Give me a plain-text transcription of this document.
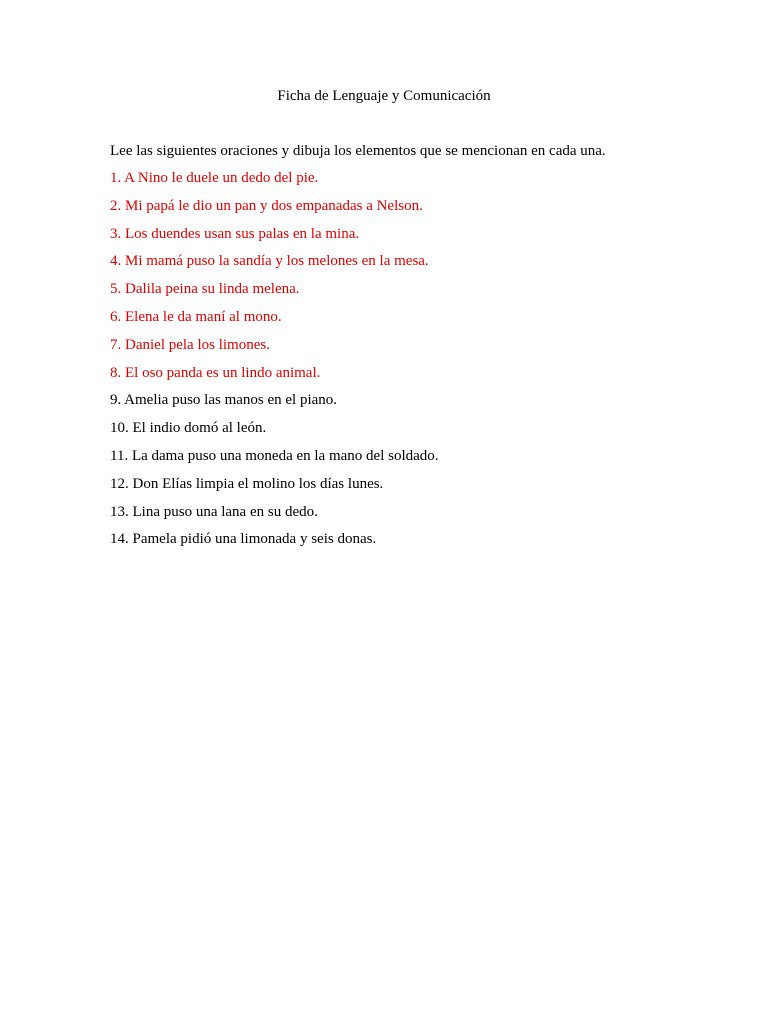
Ficha de Lenguaje y Comunicación
Lee las siguientes oraciones y dibuja los elementos que se mencionan en cada una.
1. A Nino le duele un dedo del pie.
2. Mi papá le dio un pan y dos empanadas a Nelson.
3. Los duendes usan sus palas en la mina.
4. Mi mamá puso la sandía y los melones en la mesa.
5. Dalila peina su linda melena.
6. Elena le da maní al mono.
7. Daniel pela los limones.
8. El oso panda es un lindo animal.
9. Amelia puso las manos en el piano.
10. El indio domó al león.
11. La dama puso una moneda en la mano del soldado.
12. Don Elías limpia el molino los días lunes.
13. Lina puso una lana en su dedo.
14. Pamela pidió una limonada y seis donas.
